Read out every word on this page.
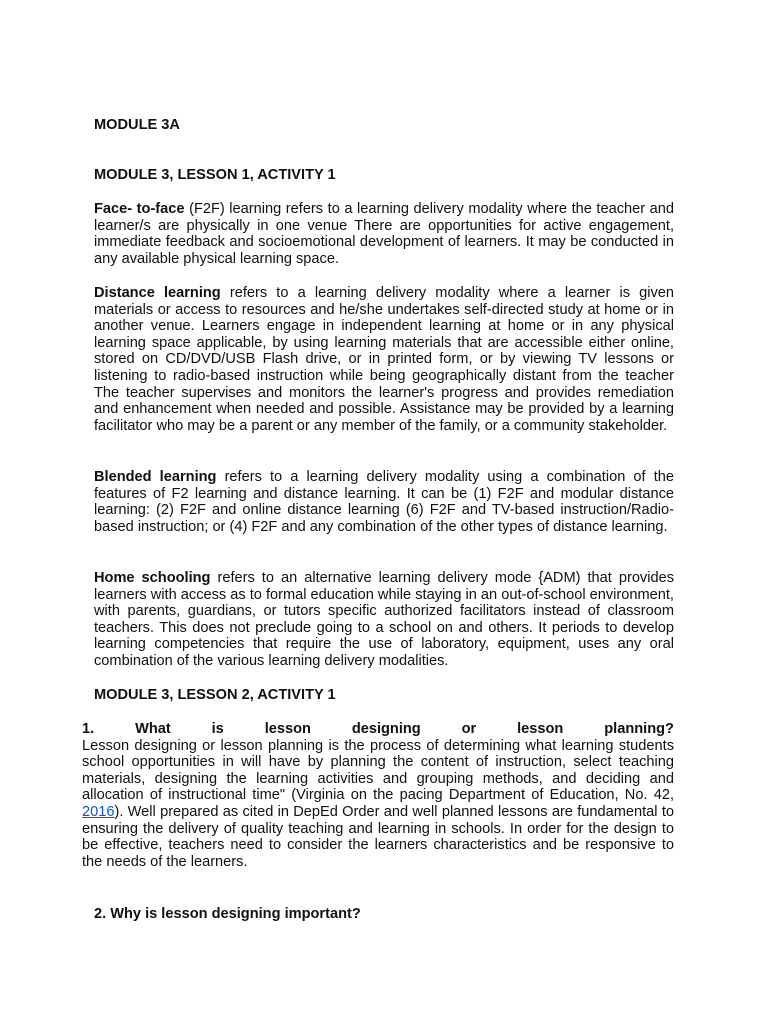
MODULE 3A
MODULE 3, LESSON 1, ACTIVITY 1
Face- to-face (F2F) learning refers to a learning delivery modality where the teacher and learner/s are physically in one venue There are opportunities for active engagement, immediate feedback and socioemotional development of learners. It may be conducted in any available physical learning space.
Distance learning refers to a learning delivery modality where a learner is given materials or access to resources and he/she undertakes self-directed study at home or in another venue. Learners engage in independent learning at home or in any physical learning space applicable, by using learning materials that are accessible either online, stored on CD/DVD/USB Flash drive, or in printed form, or by viewing TV lessons or listening to radio-based instruction while being geographically distant from the teacher The teacher supervises and monitors the learner's progress and provides remediation and enhancement when needed and possible. Assistance may be provided by a learning facilitator who may be a parent or any member of the family, or a community stakeholder.
Blended learning refers to a learning delivery modality using a combination of the features of F2 learning and distance learning. It can be (1) F2F and modular distance learning: (2) F2F and online distance learning (6) F2F and TV-based instruction/Radio-based instruction; or (4) F2F and any combination of the other types of distance learning.
Home schooling refers to an alternative learning delivery mode {ADM) that provides learners with access as to formal education while staying in an out-of-school environment, with parents, guardians, or tutors specific authorized facilitators instead of classroom teachers. This does not preclude going to a school on and others. It periods to develop learning competencies that require the use of laboratory, equipment, uses any oral combination of the various learning delivery modalities.
MODULE 3, LESSON 2, ACTIVITY 1
1.	What	is	lesson	designing	or	lesson	planning?
Lesson designing or lesson planning is the process of determining what learning students school opportunities in will have by planning the content of instruction, select teaching materials, designing the learning activities and grouping methods, and deciding and allocation of instructional time" (Virginia on the pacing Department of Education, No. 42, 2016). Well prepared as cited in DepEd Order and well planned lessons are fundamental to ensuring the delivery of quality teaching and learning in schools. In order for the design to be effective, teachers need to consider the learners characteristics and be responsive to the needs of the learners.
2. Why is lesson designing important?
